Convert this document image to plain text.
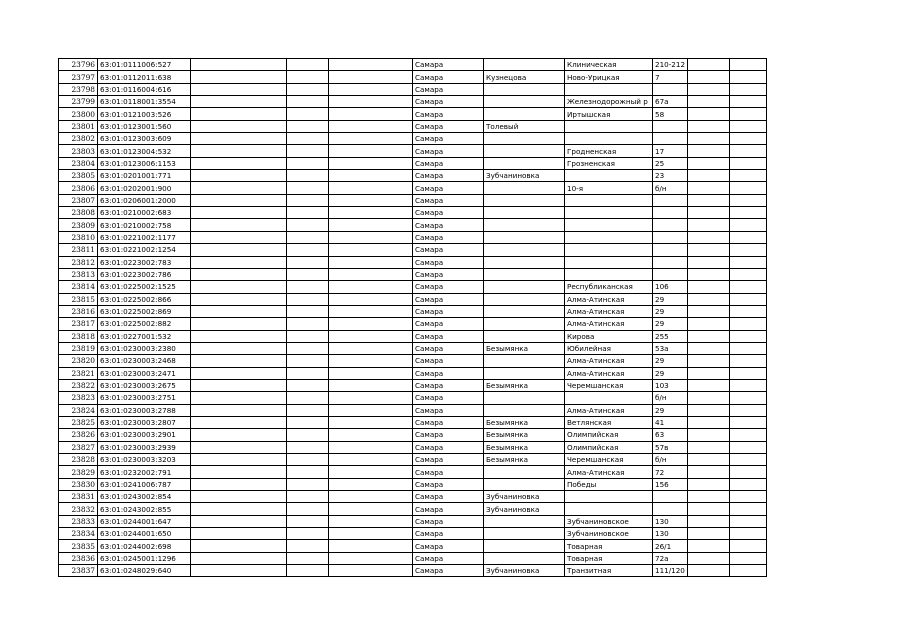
23796	63:01:0111006:527				Самара		Клиническая	210-212		
23797	63:01:0112011:638				Самара	Кузнецова	Ново-Урицкая	7		
23798	63:01:0116004:616				Самара					
23799	63:01:0118001:3554				Самара		Железнодорожный р	67а		
23800	63:01:0121003:526				Самара		Иртышская	58		
23801	63:01:0123001:560				Самара	Толевый				
23802	63:01:0123003:609				Самара					
23803	63:01:0123004:532				Самара		Гродненская	17		
23804	63:01:0123006:1153				Самара		Грозненская	25		
23805	63:01:0201001:771				Самара	Зубчаниновка		23		
23806	63:01:0202001:900				Самара		10-я	б/н		
23807	63:01:0206001:2000				Самара					
23808	63:01:0210002:683				Самара					
23809	63:01:0210002:758				Самара					
23810	63:01:0221002:1177				Самара					
23811	63:01:0221002:1254				Самара					
23812	63:01:0223002:783				Самара					
23813	63:01:0223002:786				Самара					
23814	63:01:0225002:1525				Самара		Республиканская	106		
23815	63:01:0225002:866				Самара		Алма-Атинская	29		
23816	63:01:0225002:869				Самара		Алма-Атинская	29		
23817	63:01:0225002:882				Самара		Алма-Атинская	29		
23818	63:01:0227001:532				Самара		Кирова	255		
23819	63:01:0230003:2380				Самара	Безымянка	Юбилейная	53а		
23820	63:01:0230003:2468				Самара		Алма-Атинская	29		
23821	63:01:0230003:2471				Самара		Алма-Атинская	29		
23822	63:01:0230003:2675				Самара	Безымянка	Черемшанская	103		
23823	63:01:0230003:2751				Самара			б/н		
23824	63:01:0230003:2788				Самара		Алма-Атинская	29		
23825	63:01:0230003:2807				Самара	Безымянка	Ветлянская	41		
23826	63:01:0230003:2901				Самара	Безымянка	Олимпийская	63		
23827	63:01:0230003:2939				Самара	Безымянка	Олимпийская	57в		
23828	63:01:0230003:3203				Самара	Безымянка	Черемшанская	б/н		
23829	63:01:0232002:791				Самара		Алма-Атинская	72		
23830	63:01:0241006:787				Самара		Победы	156		
23831	63:01:0243002:854				Самара	Зубчаниновка				
23832	63:01:0243002:855				Самара	Зубчаниновка				
23833	63:01:0244001:647				Самара		Зубчаниновское	130		
23834	63:01:0244001:650				Самара		Зубчаниновское	130		
23835	63:01:0244002:698				Самара		Товарная	26/1		
23836	63:01:0245001:1296				Самара		Товарная	72а		
23837	63:01:0248029:640				Самара	Зубчаниновка	Транзитная	111/120		
